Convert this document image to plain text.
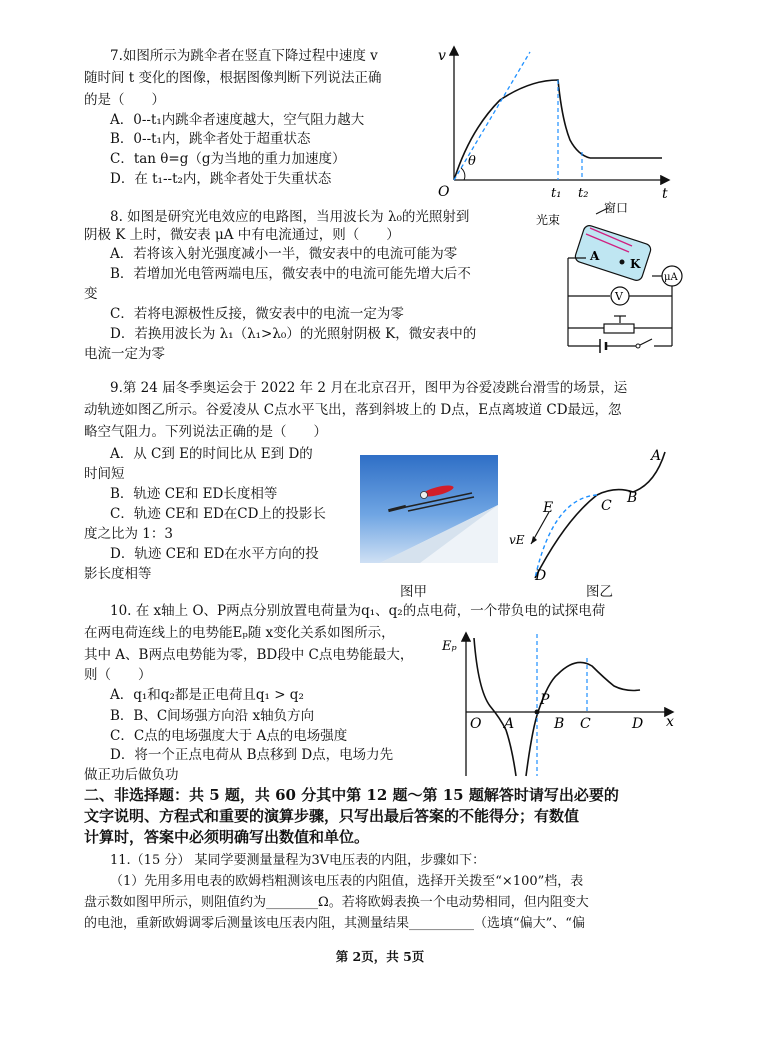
7.如图所示为跳伞者在竖直下降过程中速度 v
随时间 t 变化的图像，根据图像判断下列说法正确
的是（　　）
A．0--t₁内跳伞者速度越大，空气阻力越大
B．0--t₁内，跳伞者处于超重状态
C．tan θ=g（g为当地的重力加速度）
D．在 t₁--t₂内，跳伞者处于失重状态
v
t
O
θ
t₁ t₂
8. 如图是研究光电效应的电路图，当用波长为 λ₀的光照射到
阴极 K 上时，微安表 μA 中有电流通过，则（　　）
A．若将该入射光强度减小一半，微安表中的电流可能为零
B．若增加光电管两端电压，微安表中的电流可能先增大后不
变
C．若将电源极性反接，微安表中的电流一定为零
D．若换用波长为 λ₁（λ₁>λ₀）的光照射阴极 K，微安表中的
电流一定为零
光束
窗口
A
K
μA
V
9.第 24 届冬季奥运会于 2022 年 2 月在北京召开，图甲为谷爱凌跳台滑雪的场景，运
动轨迹如图乙所示。谷爱凌从 C点水平飞出，落到斜坡上的 D点，E点离坡道 CD最远，忽
略空气阻力。下列说法正确的是（　　）
A．从 C到 E的时间比从 E到 D的
时间短
B．轨迹 CE和 ED长度相等
C．轨迹 CE和 ED在CD上的投影长
度之比为 1：3
D．轨迹 CE和 ED在水平方向的投
影长度相等
A
B
C
E
vE
D
图甲	图乙
10. 在 x轴上 O、P两点分别放置电荷量为q₁、q₂的点电荷，一个带负电的试探电荷
在两电荷连线上的电势能Eₚ随 x变化关系如图所示，
其中 A、B两点电势能为零，BD段中 C点电势能最大，
则（　　）
A．q₁和q₂都是正电荷且q₁ > q₂
B．B、C间场强方向沿 x轴负方向
C．C点的电场强度大于 A点的电场强度
D．将一个正点电荷从 B点移到 D点，电场力先
做正功后做负功
Eₚ
x
O A
P
B C	D
二、非选择题：共 5 题，共 60 分其中第 12 题～第 15 题解答时请写出必要的
文字说明、方程式和重要的演算步骤，只写出最后答案的不能得分；有数值
计算时，答案中必须明确写出数值和单位。
11.（15 分） 某同学要测量量程为3V电压表的内阻，步骤如下：
（1）先用多用电表的欧姆档粗测该电压表的内阻值，选择开关拨至“×100”档，表
盘示数如图甲所示，则阻值约为________Ω。若将欧姆表换一个电动势相同，但内阻变大
的电池，重新欧姆调零后测量该电压表内阻，其测量结果__________（选填“偏大”、“偏
第 2页，共 5页
